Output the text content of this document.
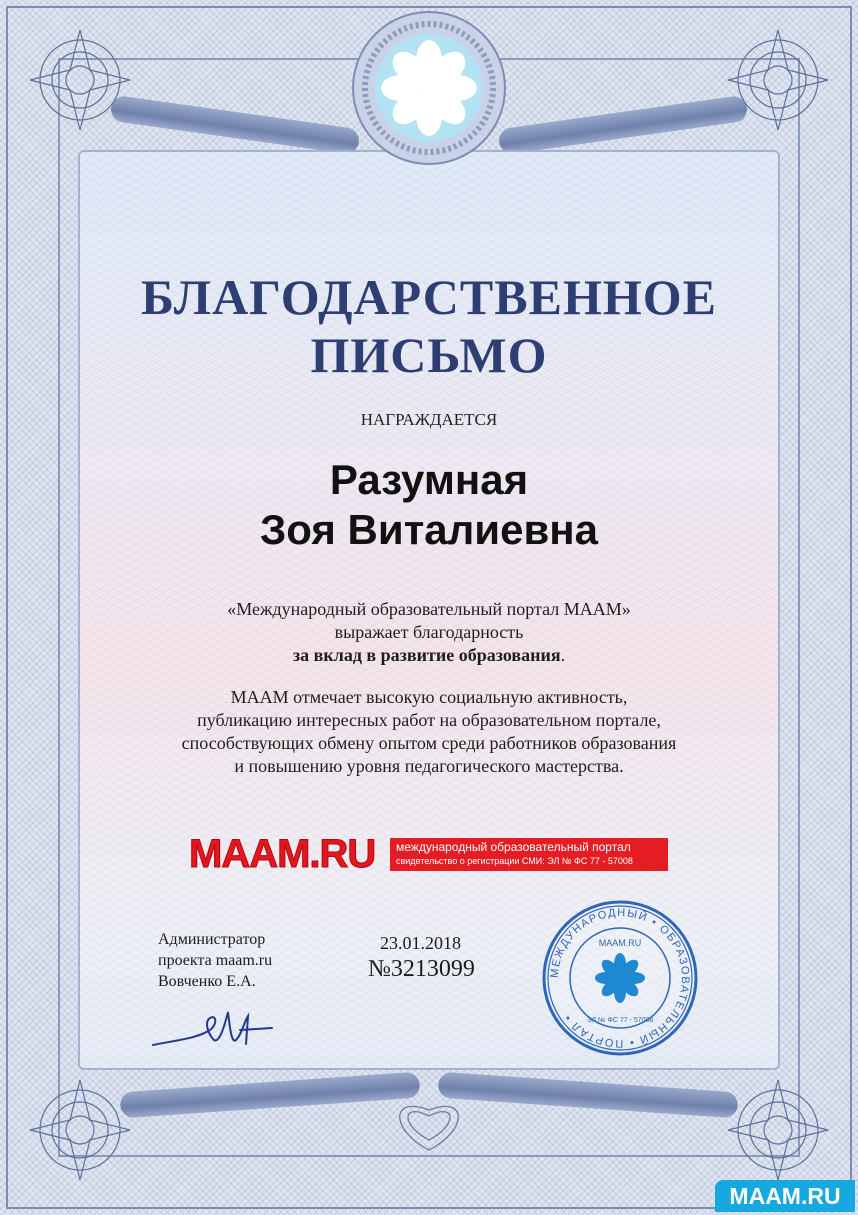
БЛАГОДАРСТВЕННОЕ
ПИСЬМО
НАГРАЖДАЕТСЯ
Разумная
Зоя Виталиевна
«Международный образовательный портал МААМ»
выражает благодарность
за вклад в развитие образования.
МААМ отмечает высокую социальную активность,
публикацию интересных работ на образовательном портале,
способствующих обмену опытом среди работников образования
и повышению уровня педагогического мастерства.
MAAM.RU международный образовательный портал
свидетельство о регистрации СМИ: ЭЛ № ФС 77 - 57008
Администратор
проекта maam.ru
Вовченко Е.А.
23.01.2018
№3213099	МЕЖДУНАРОДНЫЙ • ОБРАЗОВАТЕЛЬНЫЙ • ПОРТАЛ •
MAAM.RU
ЭЛ № ФС 77 - 57008
MAAM.RU
